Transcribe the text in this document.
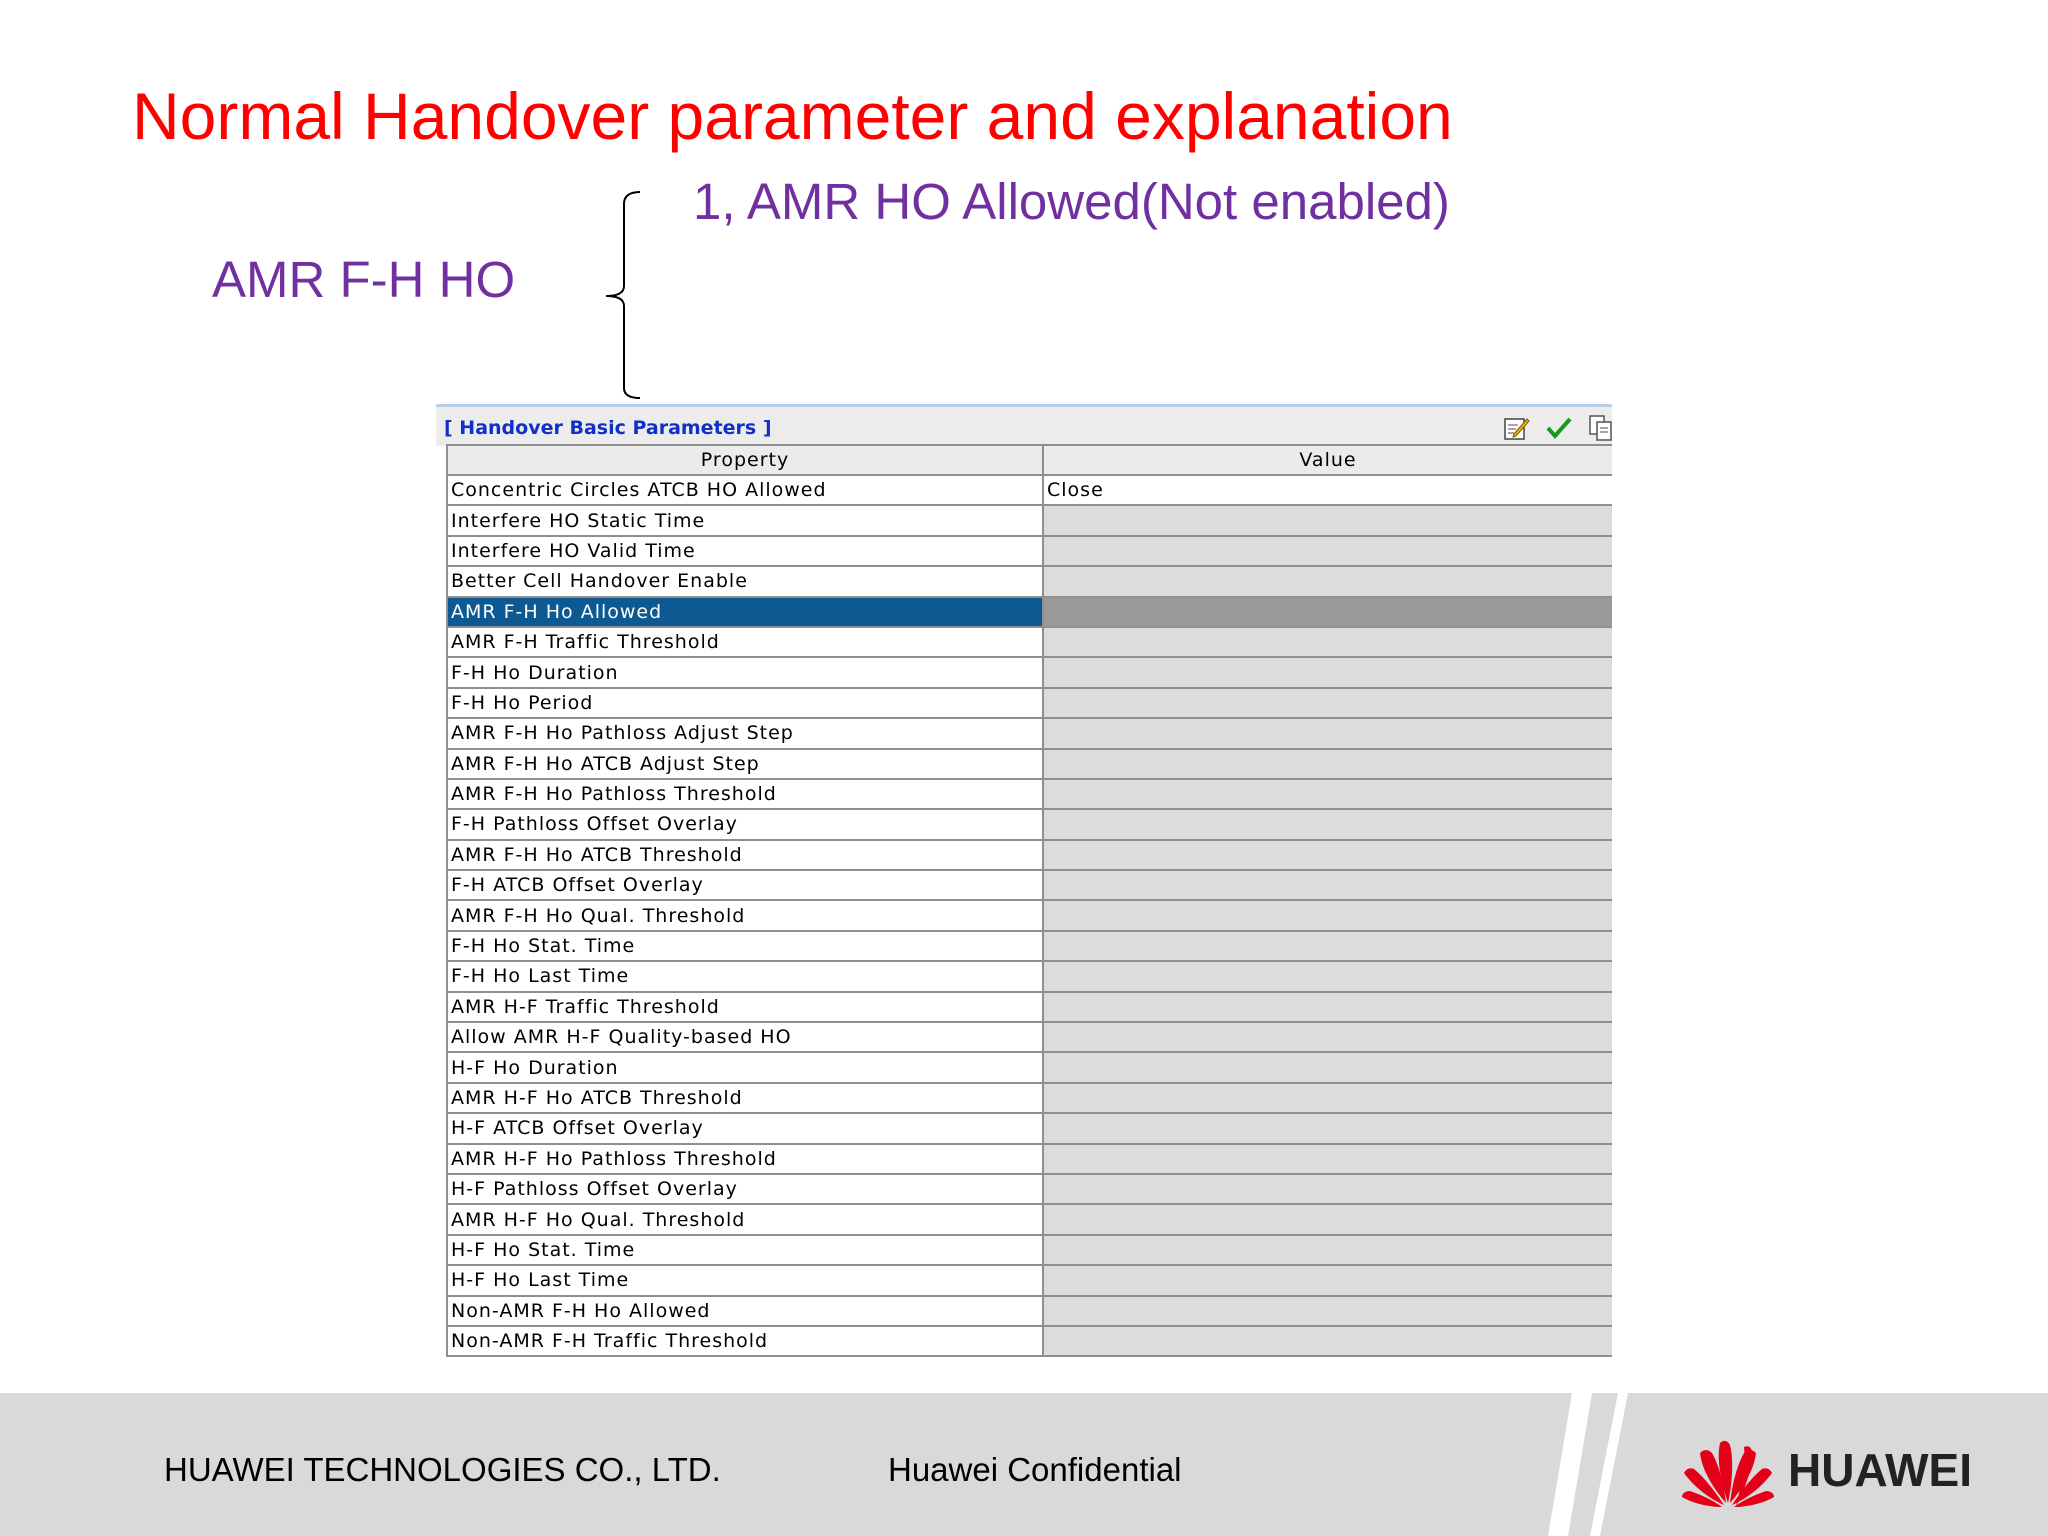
Normal Handover parameter and explanation
AMR F-H HO
1, AMR HO Allowed(Not enabled)
[ Handover Basic Parameters ]
Property	Value
Concentric Circles ATCB HO Allowed	Close
Interfere HO Static Time	
Interfere HO Valid Time	
Better Cell Handover Enable	
AMR F-H Ho Allowed	
AMR F-H Traffic Threshold	
F-H Ho Duration	
F-H Ho Period	
AMR F-H Ho Pathloss Adjust Step	
AMR F-H Ho ATCB Adjust Step	
AMR F-H Ho Pathloss Threshold	
F-H Pathloss Offset Overlay	
AMR F-H Ho ATCB Threshold	
F-H ATCB Offset Overlay	
AMR F-H Ho Qual. Threshold	
F-H Ho Stat. Time	
F-H Ho Last Time	
AMR H-F Traffic Threshold	
Allow AMR H-F Quality-based HO	
H-F Ho Duration	
AMR H-F Ho ATCB Threshold	
H-F ATCB Offset Overlay	
AMR H-F Ho Pathloss Threshold	
H-F Pathloss Offset Overlay	
AMR H-F Ho Qual. Threshold	
H-F Ho Stat. Time	
H-F Ho Last Time	
Non-AMR F-H Ho Allowed	
Non-AMR F-H Traffic Threshold	
HUAWEI TECHNOLOGIES CO., LTD.	Huawei Confidential	HUAWEI
